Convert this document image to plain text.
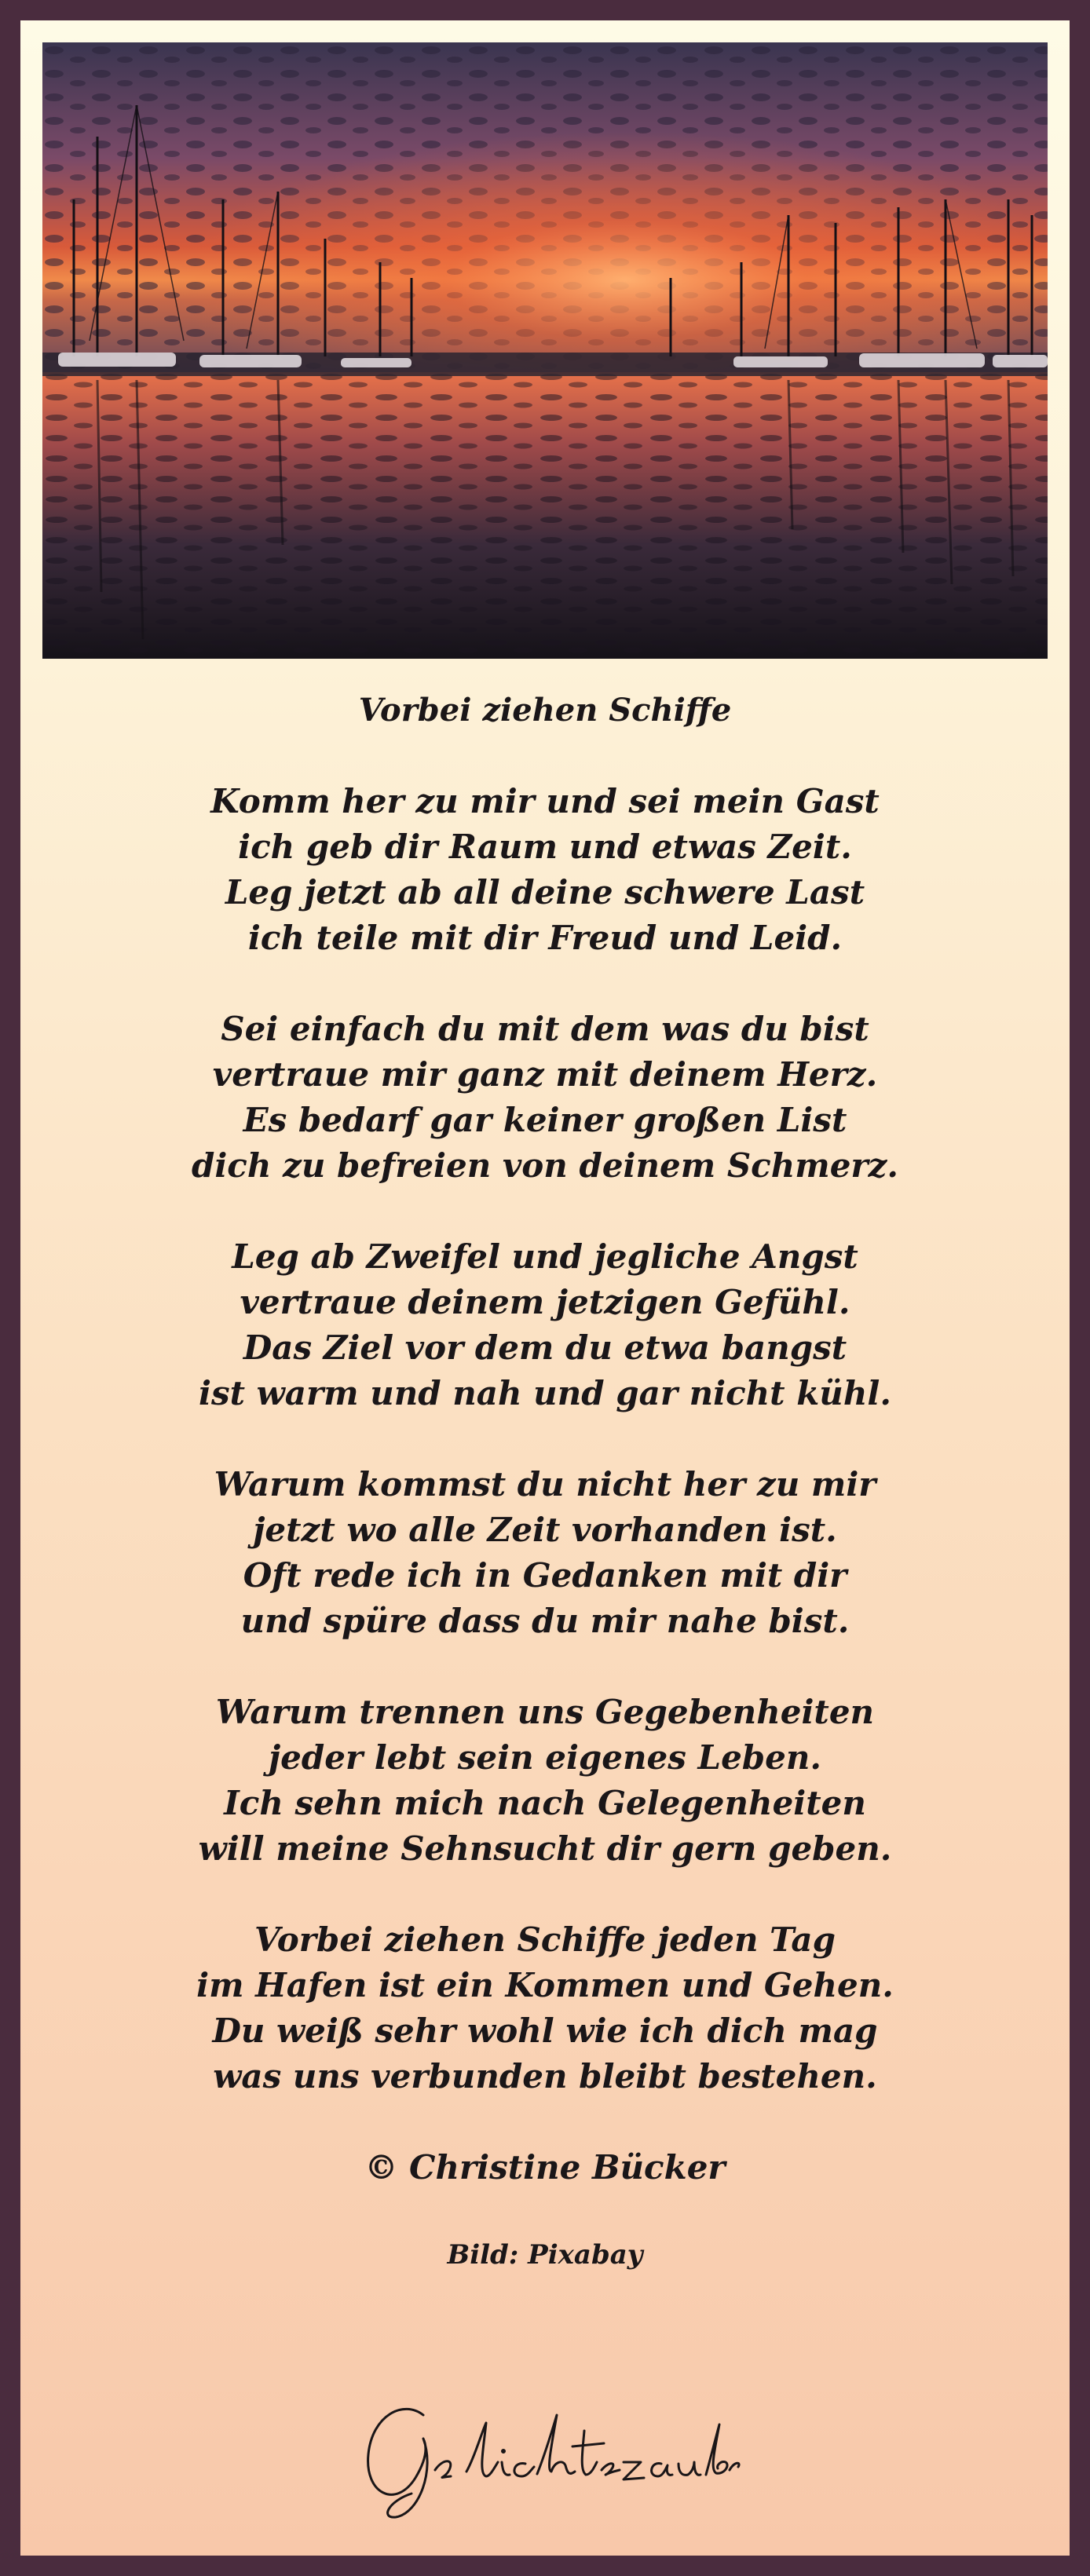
Vorbei ziehen Schiffe
Komm her zu mir und sei mein Gast
ich geb dir Raum und etwas Zeit.
Leg jetzt ab all deine schwere Last
ich teile mit dir Freud und Leid.
Sei einfach du mit dem was du bist
vertraue mir ganz mit deinem Herz.
Es bedarf gar keiner großen List
dich zu befreien von deinem Schmerz.
Leg ab Zweifel und jegliche Angst
vertraue deinem jetzigen Gefühl.
Das Ziel vor dem du etwa bangst
ist warm und nah und gar nicht kühl.
Warum kommst du nicht her zu mir
jetzt wo alle Zeit vorhanden ist.
Oft rede ich in Gedanken mit dir
und spüre dass du mir nahe bist.
Warum trennen uns Gegebenheiten
jeder lebt sein eigenes Leben.
Ich sehn mich nach Gelegenheiten
will meine Sehnsucht dir gern geben.
Vorbei ziehen Schiffe jeden Tag
im Hafen ist ein Kommen und Gehen.
Du weiß sehr wohl wie ich dich mag
was uns verbunden bleibt bestehen.
© Christine Bücker
Bild: Pixabay
